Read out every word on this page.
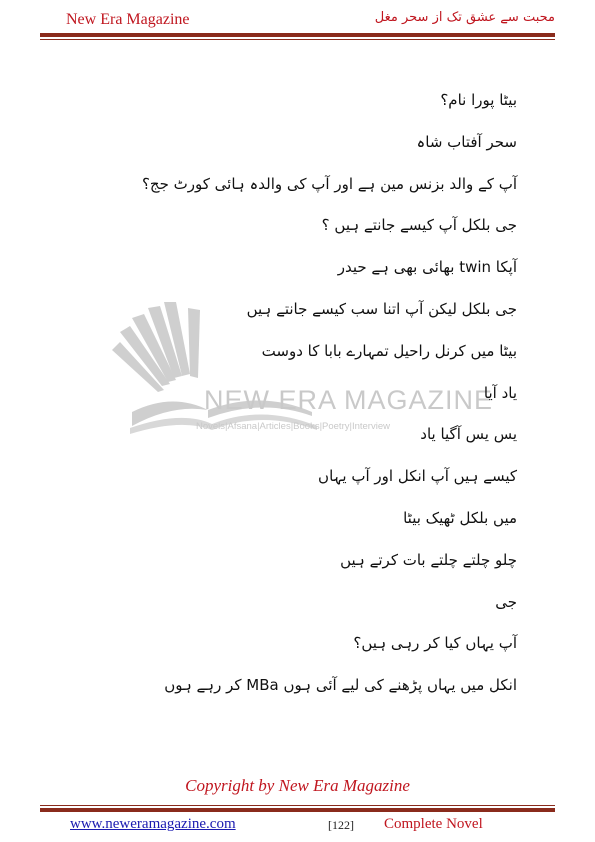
New Era Magazine	محبت سے عشق تک از سحر مغل
NEW ERA MAGAZINE
Novels|Afsana|Articles|Books|Poetry|Interview
بیٹا پورا نام؟
سحر آفتاب شاہ
آپ کے والد بزنس مین ہے اور آپ کی والدہ ہائی کورٹ جج؟
جی بلکل آپ کیسے جانتے ہیں ؟
آپکا twin بھائی بھی ہے حیدر
جی بلکل لیکن آپ اتنا سب کیسے جانتے ہیں
بیٹا میں کرنل راحیل تمہارے بابا کا دوست
یاد آیا
یس یس آگیا یاد
کیسے ہیں آپ انکل اور آپ یہاں
میں بلکل ٹھیک بیٹا
چلو چلتے چلتے بات کرتے ہیں
جی
آپ یہاں کیا کر رہی ہیں؟
انکل میں یہاں پڑھنے کی لیے آئی ہوں MBa کر رہے ہوں
Copyright by New Era Magazine
www.neweramagazine.com	[122] Complete Novel
